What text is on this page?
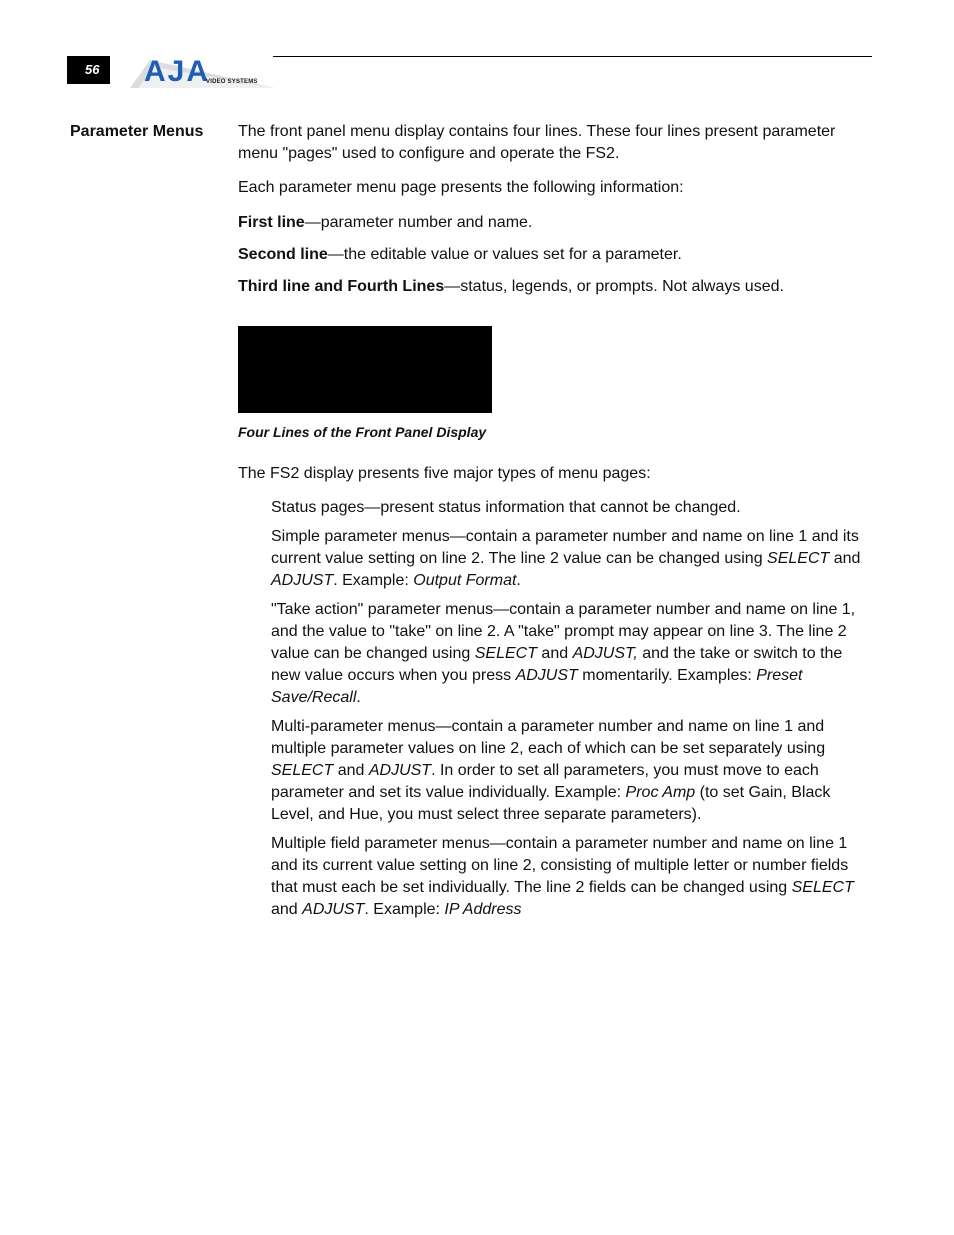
56	AJA
VIDEO SYSTEMS
Parameter Menus	The front panel menu display contains four lines. These four lines present parameter menu "pages" used to configure and operate the FS2.

Each parameter menu page presents the following information:

First line—parameter number and name.

Second line—the editable value or values set for a parameter.

Third line and Fourth Lines—status, legends, or prompts. Not always used.

Four Lines of the Front Panel Display

The FS2 display presents five major types of menu pages:

Status pages—present status information that cannot be changed.
Simple parameter menus—contain a parameter number and name on line 1 and its current value setting on line 2. The line 2 value can be changed using SELECT and ADJUST. Example: Output Format.
"Take action" parameter menus—contain a parameter number and name on line 1, and the value to "take" on line 2. A "take" prompt may appear on line 3. The line 2 value can be changed using SELECT and ADJUST, and the take or switch to the new value occurs when you press ADJUST momentarily. Examples: Preset Save/Recall.
Multi-parameter menus—contain a parameter number and name on line 1 and multiple parameter values on line 2, each of which can be set separately using SELECT and ADJUST. In order to set all parameters, you must move to each parameter and set its value individually. Example: Proc Amp (to set Gain, Black Level, and Hue, you must select three separate parameters).
Multiple field parameter menus—contain a parameter number and name on line 1 and its current value setting on line 2, consisting of multiple letter or number fields that must each be set individually. The line 2 fields can be changed using SELECT and ADJUST. Example: IP Address
